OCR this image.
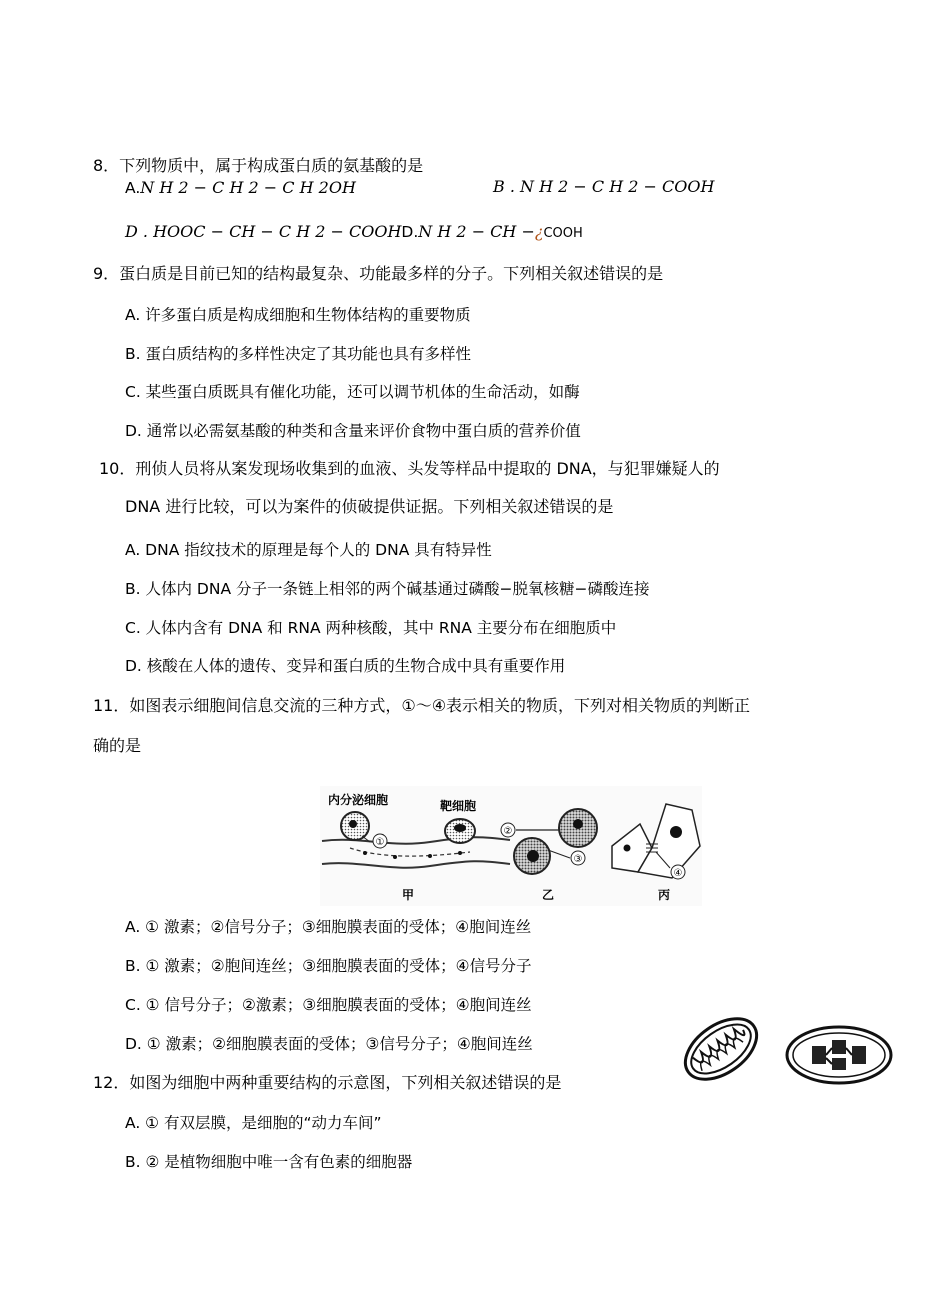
8．下列物质中，属于构成蛋白质的氨基酸的是
A.N H 2 − C H 2 − C H 2OH	B . N H 2 − C H 2 − COOH
D . HOOC − CH − C H 2 − COOHD.N H 2 − CH −¿COOH
9．蛋白质是目前已知的结构最复杂、功能最多样的分子。下列相关叙述错误的是
A. 许多蛋白质是构成细胞和生物体结构的重要物质
B. 蛋白质结构的多样性决定了其功能也具有多样性
C. 某些蛋白质既具有催化功能，还可以调节机体的生命活动，如酶
D. 通常以必需氨基酸的种类和含量来评价食物中蛋白质的营养价值
10．刑侦人员将从案发现场收集到的血液、头发等样品中提取的 DNA，与犯罪嫌疑人的
DNA 进行比较，可以为案件的侦破提供证据。下列相关叙述错误的是
A. DNA 指纹技术的原理是每个人的 DNA 具有特异性
B. 人体内 DNA 分子一条链上相邻的两个碱基通过磷酸−脱氧核糖−磷酸连接
C. 人体内含有 DNA 和 RNA 两种核酸，其中 RNA 主要分布在细胞质中
D. 核酸在人体的遗传、变异和蛋白质的生物合成中具有重要作用
11．如图表示细胞间信息交流的三种方式，①～④表示相关的物质，下列对相关物质的判断正
确的是
内分泌细胞	靶细胞
①
②
③
④
甲	乙	丙
A. ① 激素；②信号分子；③细胞膜表面的受体；④胞间连丝
B. ① 激素；②胞间连丝；③细胞膜表面的受体；④信号分子
C. ① 信号分子；②激素；③细胞膜表面的受体；④胞间连丝
D. ① 激素；②细胞膜表面的受体；③信号分子；④胞间连丝
12．如图为细胞中两种重要结构的示意图，下列相关叙述错误的是
A. ① 有双层膜，是细胞的“动力车间”
B. ② 是植物细胞中唯一含有色素的细胞器
